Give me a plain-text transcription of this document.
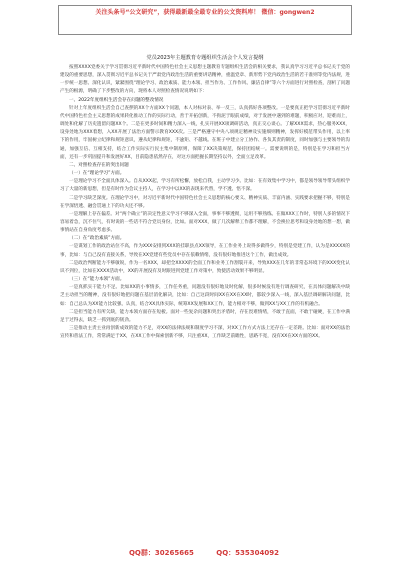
关注头条号“公文研究”，获得最新最全最专业的公文资料库！ 微信：gongwen2
党员2023年主题教育专题组织生活会个人发言提纲

按照XXXX党委关于学习贯彻习近平新时代中国特色社会主义思想主题教育专题组织生活会的相关要求，我认真学习习近平总书记关于党的建设的重要思想，深入贯彻习近平总书记关于严肃党内政治生活的重要讲话精神，重温党章、新形势下党内政治生活的若干准则等党内法规，进一步统一思想、深化认识，紧紧围绕“理论学习、政治素质、能力本领、担当作为、工作作风、廉洁自律”等六个方面进行对照检查，剖析了问题产生的根源，明确了下步整改的方向，现将本人对照检查情况说明如下：

一、2022年度组织生活会存在问题的整改情况

针对上年度组织生活会自己查摆的XX个方面XX个问题，本人对标对表、举一反三，认真抓好各项整改。一是要真正把学习贯彻习近平新时代中国特色社会主义思想的成果转化推动工作的实际行动，善于开拓创新，不拘泥于眼前成绩，对于发展中遇到的难题，积极应对，迎难而上，调处和化解了历史遗留问题XX个。二是在更多时间和精力深入一线，扎实开展XX项调研活动，真正交心谈心。了解XXX需求，热心服务XXX，设身处地为XXX着想，入XX开展了法治方面警示教育XXX次。三是严格遵守中央八项规定精神及实施细则精神，发挥好模范带头作用，以上率下的作用，牢固树立纪律和规矩意识，遵从纪律和规矩，不逾矩、不越线。在班子中建立分工协作、各负其责的制度，同时加强与主要领导的沟通，加强互信、互相支持，结合工作实际实行民主集中制原则，保障了XX决策规范，保持团结统一。需要说明的是，特别是在学习和担当方面，还有一步巩固提升和发展好XX，目前隐患依然存在，对这方面把握长期坚持以外，全面立足改革。

二、对照检查存在的突出问题

（一）在“理论学习”方面。

一是理论学习不全面具体深入。自从XXX起，学习有所松懈，放松自我，主动学习少。比如：在有效集中学习中，都是领导领导带头组织学习了大量的新思想，但是有时作为会议主持人，在学习中以XX的表现来代替，学不透、悟不深。

二是学习缺乏深度。在理论学习中，对习近平新时代中国特色社会主义思想的核心要义、精神实质、丰富内涵、实践要求把握不够，特别是在学深悟透、融会贯通上下的功夫还不够。

一是理解上存在偏差。对“两个确立”的决定性意义学习不够深入全面，事事不够透彻，运用不够熟练。在做XXX工作时，特别人多的情况下容易着急，沉不住气，有时说的一些话不符合党员身份，比如。面对XXX，做了几次解释工作都不理解，不会换位思考和设身处地的想一想，做事情站在自身角度考虑多。

（二）在“政治素质”方面。

一是谋划工作的政治站位不高，作为XXX安排到XXX的挂职县点XX领导，在工作业务上说得多做得少，特别是党建工作，认为是XXXXX的事，比如：与自己没有直接关系，导致在XX党建有些党员中存在依赖情绪，没有很好地推进这个工作，做出成效。

二是政治判断能力不够敏锐，作为一名XXX，却把全XXXX的全面工作和业务工作割裂开来，导致XXX在几年的非常态环境下的XXX变化认识不到位，比如在XXXX活动中，XX的开展没有及时跟进到党建工作对策中，致使活动效果不够明显。

（三）在“能力本领”方面。

一是真抓实干能力不足。比如XX的小事情多，工作任务重，问题没有很好地及时化解，很多时候没有进行调查研究，在具体问题解决中缺乏主动担当的精神，没有很好地把问题在基层消化解决，比如：自己这段时间XX在XX在XX时，都较少深入一线，深入基层调研解决问题，比如：自己总认为XX能力比较强、认真，结合XX具体实际，统筹XX发展和XX工作，能力相对不够，做到XX与XX工作的有机融合。

二是担当能力有所欠缺，能力本领方面存在短板。面对一些复杂问题和突出矛盾时，存在畏难情绪，不敢于直面，不敢于碰硬，在工作中满足于过得去，缺乏一抓到底的韧劲。

三是推动主责主业再创新成效的能力不足，对XX的法律法规和制度学习不深，对XX工作方式方法上还存在一定差距。比如：面对XX的法治宣传和普法工作，常常满足于XX，在XX工作中探索创新不够，只注重XX，工作缺乏前瞻性，思路不宽，没有XX在XX方面的XX。

QQ群：30265665	QQ：535304092
